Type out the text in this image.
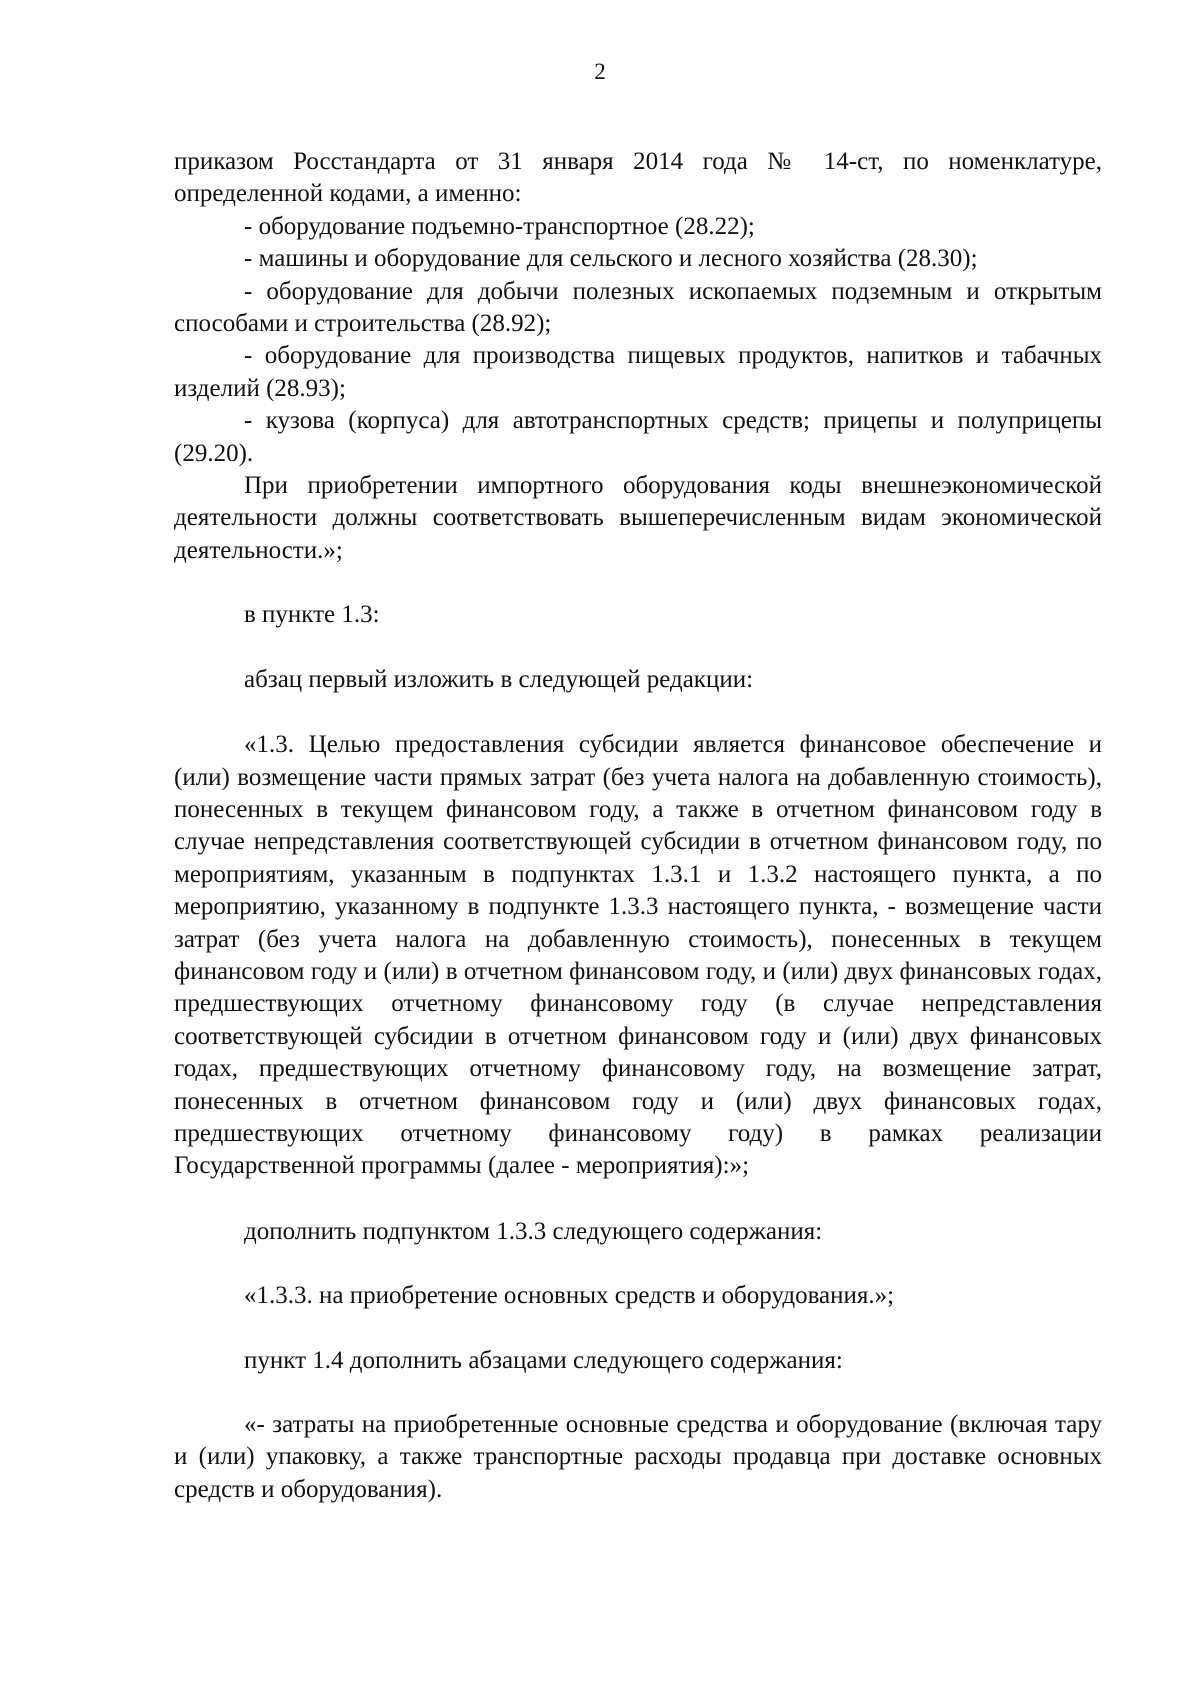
2

приказом Росстандарта от 31 января 2014 года № 14-ст, по номенклатуре, определенной кодами, а именно:

- оборудование подъемно-транспортное (28.22);

- машины и оборудование для сельского и лесного хозяйства (28.30);

- оборудование для добычи полезных ископаемых подземным и открытым способами и строительства (28.92);

- оборудование для производства пищевых продуктов, напитков и табачных изделий (28.93);

- кузова (корпуса) для автотранспортных средств; прицепы и полуприцепы (29.20).

При приобретении импортного оборудования коды внешнеэкономической деятельности должны соответствовать вышеперечисленным видам экономической деятельности.»;

в пункте 1.3:

абзац первый изложить в следующей редакции:

«1.3. Целью предоставления субсидии является финансовое обеспечение и (или) возмещение части прямых затрат (без учета налога на добавленную стоимость), понесенных в текущем финансовом году, а также в отчетном финансовом году в случае непредставления соответствующей субсидии в отчетном финансовом году, по мероприятиям, указанным в подпунктах 1.3.1 и 1.3.2 настоящего пункта, а по мероприятию, указанному в подпункте 1.3.3 настоящего пункта, - возмещение части затрат (без учета налога на добавленную стоимость), понесенных в текущем финансовом году и (или) в отчетном финансовом году, и (или) двух финансовых годах, предшествующих отчетному финансовому году (в случае непредставления соответствующей субсидии в отчетном финансовом году и (или) двух финансовых годах, предшествующих отчетному финансовому году, на возмещение затрат, понесенных в отчетном финансовом году и (или) двух финансовых годах, предшествующих отчетному финансовому году) в рамках реализации Государственной программы (далее - мероприятия):»;

дополнить подпунктом 1.3.3 следующего содержания:

«1.3.3. на приобретение основных средств и оборудования.»;

пункт 1.4 дополнить абзацами следующего содержания:

«- затраты на приобретенные основные средства и оборудование (включая тару и (или) упаковку, а также транспортные расходы продавца при доставке основных средств и оборудования).
